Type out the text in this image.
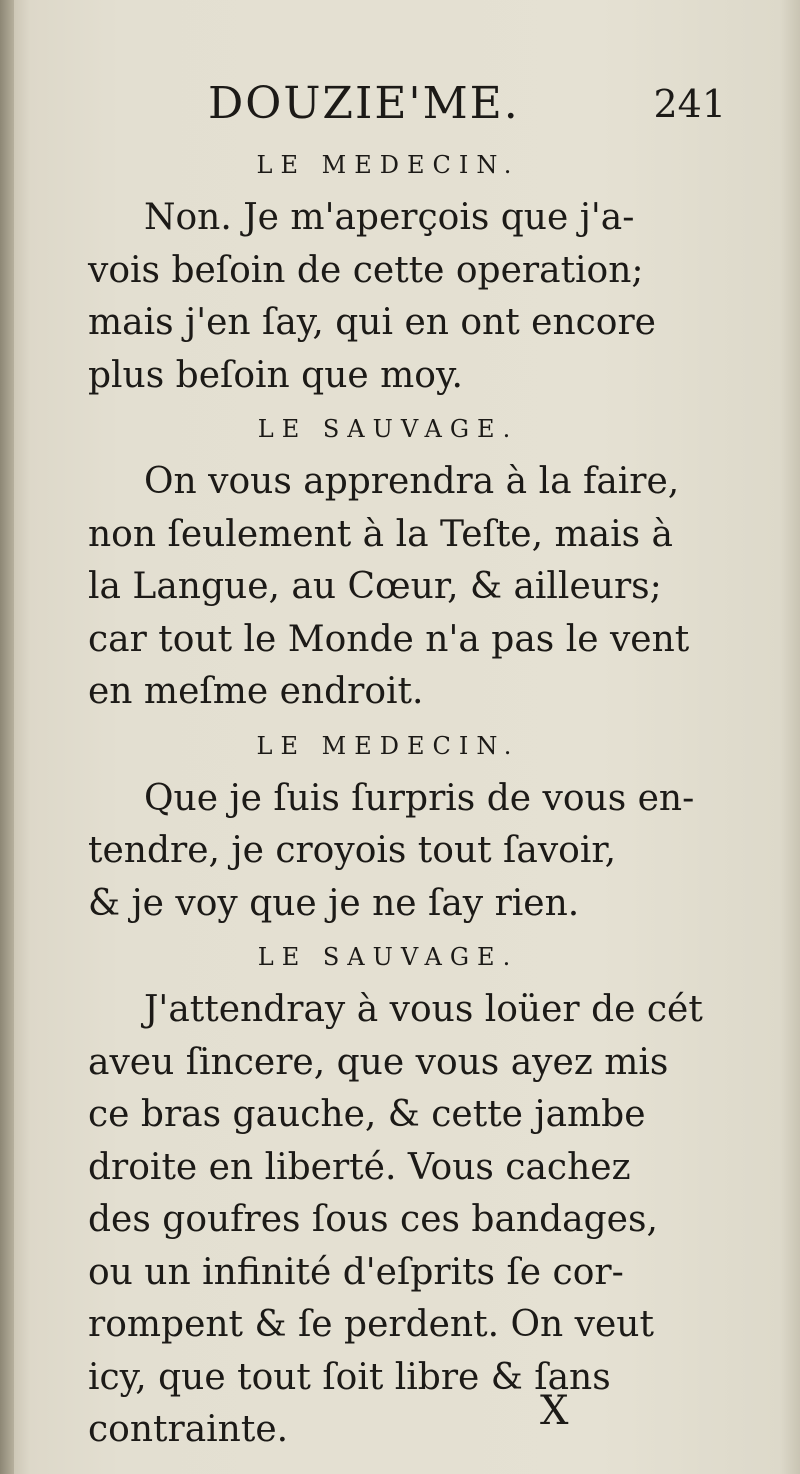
DOUZIE'ME.	241
LE MEDECIN.

Non. Je m'aperçois que j'a-

vois beſoin de cette operation;

mais j'en ſay, qui en ont encore

plus beſoin que moy.

LE SAUVAGE.

On vous apprendra à la faire,

non ſeulement à la Teſte, mais à

la Langue, au Cœur, & ailleurs;

car tout le Monde n'a pas le vent

en meſme endroit.

LE MEDECIN.

Que je ſuis ſurpris de vous en-

tendre, je croyois tout ſavoir,

& je voy que je ne ſay rien.

LE SAUVAGE.

J'attendray à vous loüer de cét

aveu ſincere, que vous ayez mis

ce bras gauche, & cette jambe

droite en liberté. Vous cachez

des goufres ſous ces bandages,

ou un infinité d'eſprits ſe cor-

rompent & ſe perdent. On veut

icy, que tout ſoit libre & ſans

contrainte.	X
